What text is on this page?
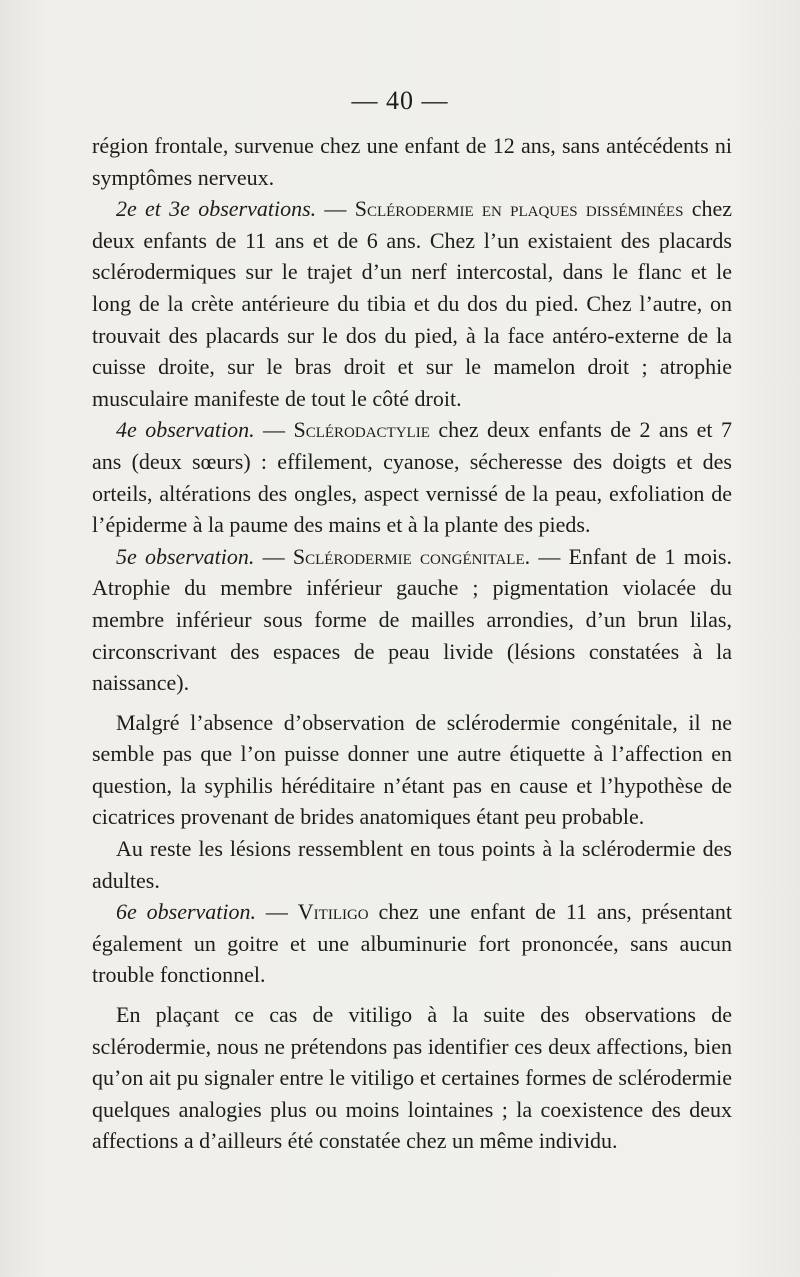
— 40 —

région frontale, survenue chez une enfant de 12 ans, sans antécédents ni symptômes nerveux.

2e et 3e observations. — Sclérodermie en plaques disséminées chez deux enfants de 11 ans et de 6 ans. Chez l’un existaient des placards sclérodermiques sur le trajet d’un nerf intercostal, dans le flanc et le long de la crète antérieure du tibia et du dos du pied. Chez l’autre, on trouvait des placards sur le dos du pied, à la face antéro-externe de la cuisse droite, sur le bras droit et sur le mamelon droit ; atrophie musculaire manifeste de tout le côté droit.

4e observation. — Sclérodactylie chez deux enfants de 2 ans et 7 ans (deux sœurs) : effilement, cyanose, sécheresse des doigts et des orteils, altérations des ongles, aspect vernissé de la peau, exfoliation de l’épiderme à la paume des mains et à la plante des pieds.

5e observation. — Sclérodermie congénitale. — Enfant de 1 mois. Atrophie du membre inférieur gauche ; pigmentation violacée du membre inférieur sous forme de mailles arrondies, d’un brun lilas, circonscrivant des espaces de peau livide (lésions constatées à la naissance).

Malgré l’absence d’observation de sclérodermie congénitale, il ne semble pas que l’on puisse donner une autre étiquette à l’affection en question, la syphilis héréditaire n’étant pas en cause et l’hypothèse de cicatrices provenant de brides anatomiques étant peu probable.

Au reste les lésions ressemblent en tous points à la sclérodermie des adultes.

6e observation. — Vitiligo chez une enfant de 11 ans, présentant également un goitre et une albuminurie fort prononcée, sans aucun trouble fonctionnel.

En plaçant ce cas de vitiligo à la suite des observations de sclérodermie, nous ne prétendons pas identifier ces deux affections, bien qu’on ait pu signaler entre le vitiligo et certaines formes de sclérodermie quelques analogies plus ou moins lointaines ; la coexistence des deux affections a d’ailleurs été constatée chez un même individu.
